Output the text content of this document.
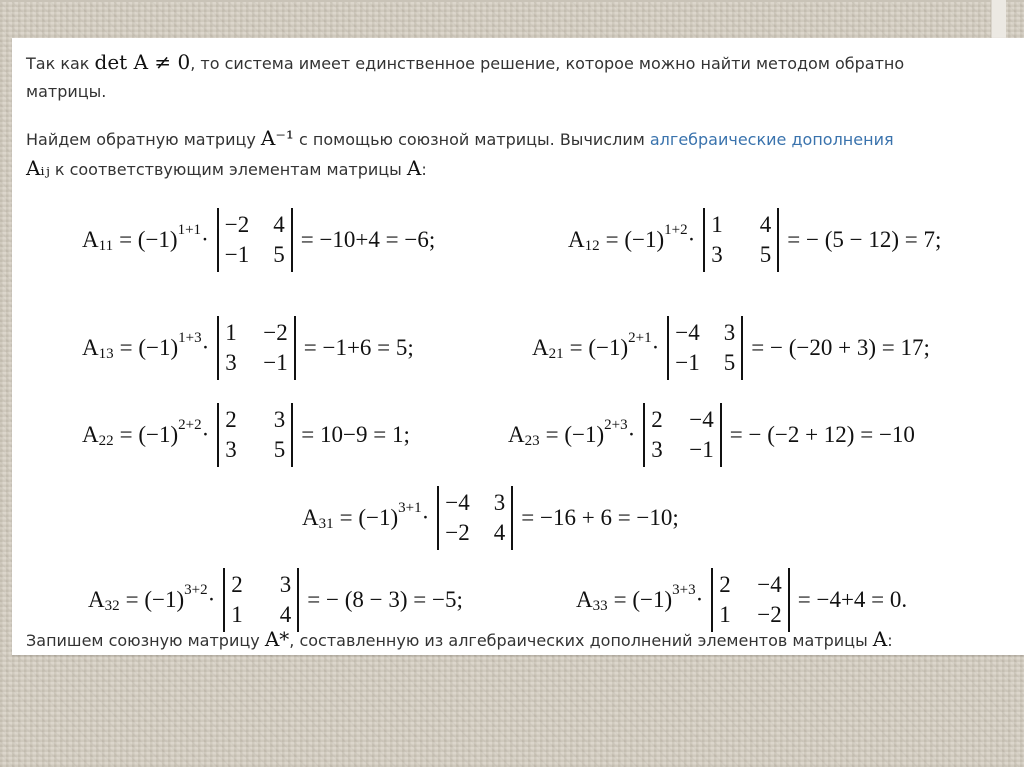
Так как det A ≠ 0, то система имеет единственное решение, которое можно найти методом обратно
матрицы.
Найдем обратную матрицу A⁻¹ с помощью союзной матрицы. Вычислим алгебраические дополнения
Aᵢⱼ к соответствующим элементам матрицы A:
A 11 = (−1) 1+1 ·
−2	4
−1	5
= −10+4 = −6;	A 12 = (−1) 1+2 ·
1	4
3	5
= − (5 − 12) = 7;
A 13 = (−1) 1+3 ·
1	−2
3	−1
= −1+6 = 5;	A 21 = (−1) 2+1 ·
−4	3
−1	5
= − (−20 + 3) = 17;
A 22 = (−1) 2+2 ·
2	3
3	5
= 10−9 = 1;	A 23 = (−1) 2+3 ·
2	−4
3	−1
= − (−2 + 12) = −10
A 31 = (−1) 3+1 ·
−4	3
−2	4
= −16 + 6 = −10;
A 32 = (−1) 3+2 ·
2	3
1	4
= − (8 − 3) = −5;	A 33 = (−1) 3+3 ·
2	−4
1	−2
= −4+4 = 0.
Запишем союзную матрицу A*, составленную из алгебраических дополнений элементов матрицы A:
